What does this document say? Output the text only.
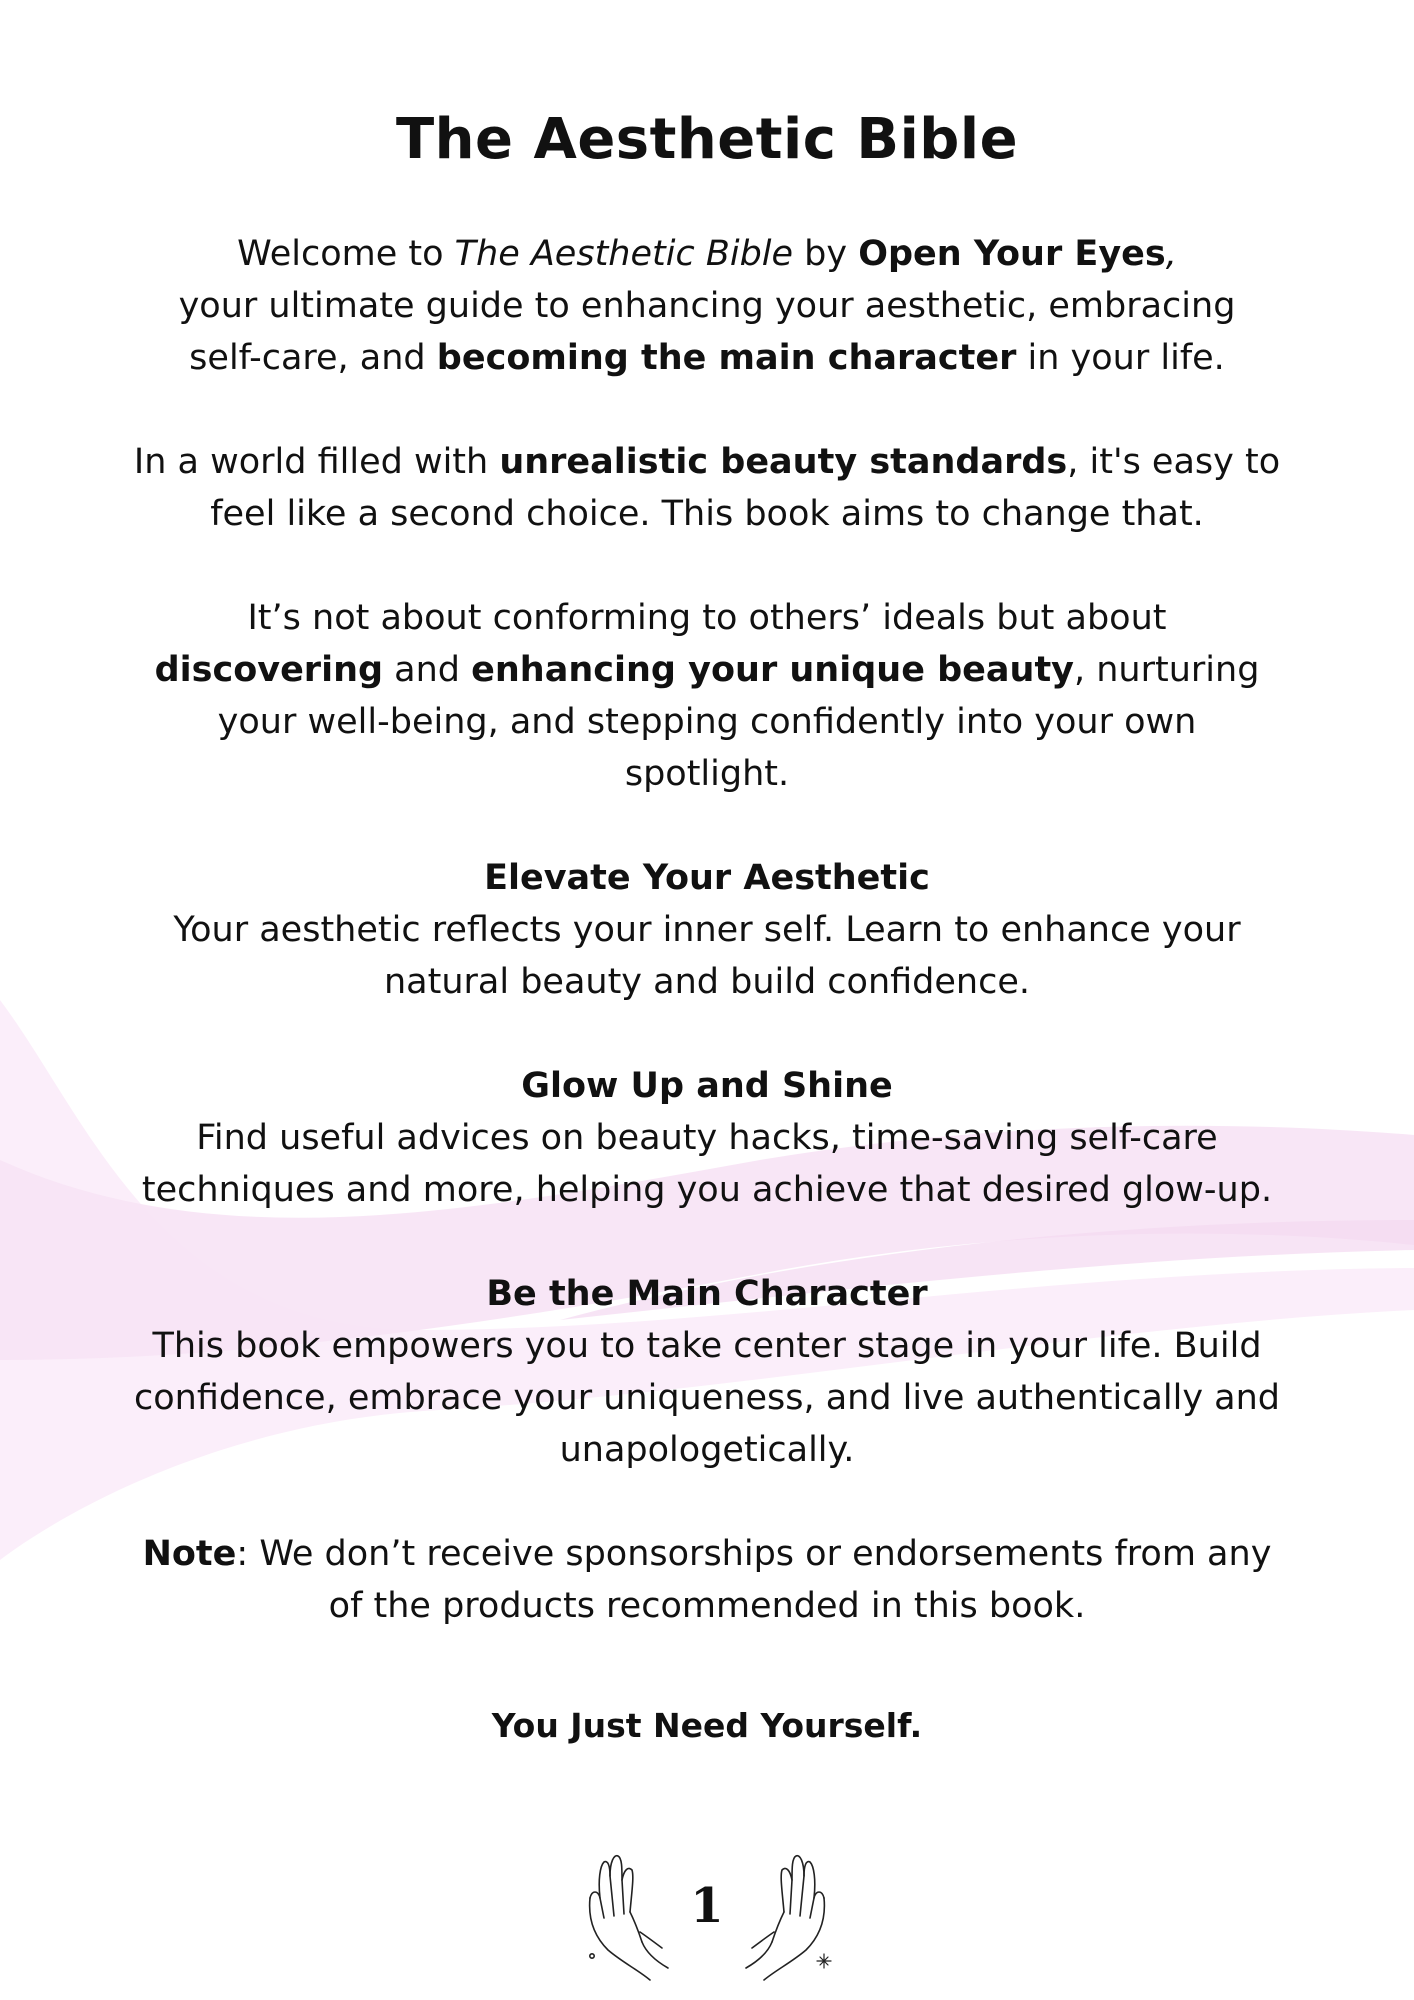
The Aesthetic Bible

Welcome to The Aesthetic Bible by Open Your Eyes,
your ultimate guide to enhancing your aesthetic, embracing
self-care, and becoming the main character in your life.

In a world filled with unrealistic beauty standards, it's easy to feel like a second choice. This book aims to change that.

It’s not about conforming to others’ ideals but about discovering and enhancing your unique beauty, nurturing your well-being, and stepping confidently into your own spotlight.

Elevate Your Aesthetic

Your aesthetic reflects your inner self. Learn to enhance your natural beauty and build confidence.

Glow Up and Shine

Find useful advices on beauty hacks, time-saving self-care techniques and more, helping you achieve that desired glow-up.

Be the Main Character

This book empowers you to take center stage in your life. Build confidence, embrace your uniqueness, and live authentically and unapologetically.

Note: We don’t receive sponsorships or endorsements from any of the products recommended in this book.

You Just Need Yourself.

1
